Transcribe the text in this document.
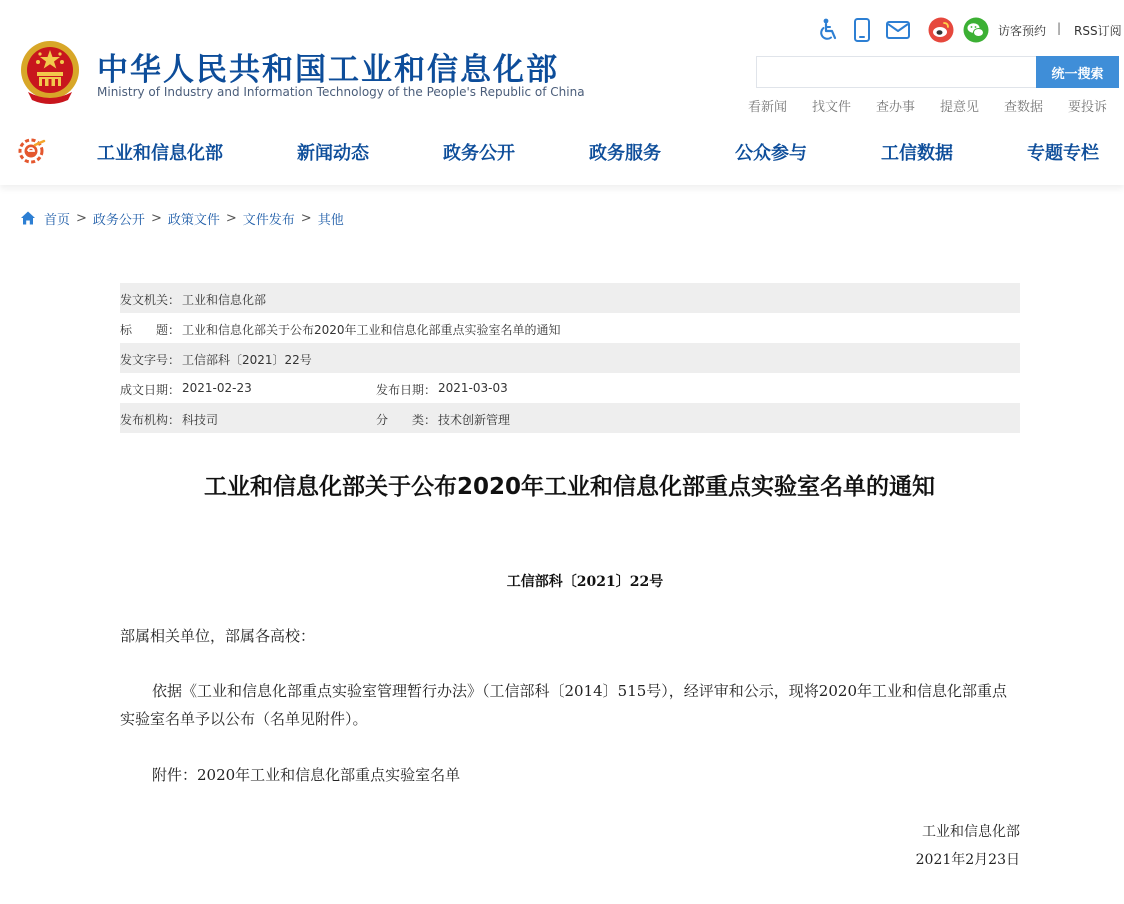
中华人民共和国工业和信息化部
Ministry of Industry and Information Technology of the People's Republic of China
访客预约 | RSS订阅
统一搜索
看新闻 找文件 查办事 提意见 查数据 要投诉
工业和信息化部	新闻动态	政务公开	政务服务	公众参与	工信数据	专题专栏
首页 > 政务公开 > 政策文件 > 文件发布 > 其他
发文机关： 工业和信息化部
标　　题： 工业和信息化部关于公布2020年工业和信息化部重点实验室名单的通知
发文字号： 工信部科〔2021〕22号
成文日期： 2021-02-23	发布日期： 2021-03-03
发布机构： 科技司	分　　类： 技术创新管理
工业和信息化部关于公布2020年工业和信息化部重点实验室名单的通知
工信部科〔2021〕22号

部属相关单位，部属各高校：

依据《工业和信息化部重点实验室管理暂行办法》（工信部科〔2014〕515号），经评审和公示，现将2020年工业和信息化部重点实验室名单予以公布（名单见附件）。

附件：2020年工业和信息化部重点实验室名单

工业和信息化部
2021年2月23日
